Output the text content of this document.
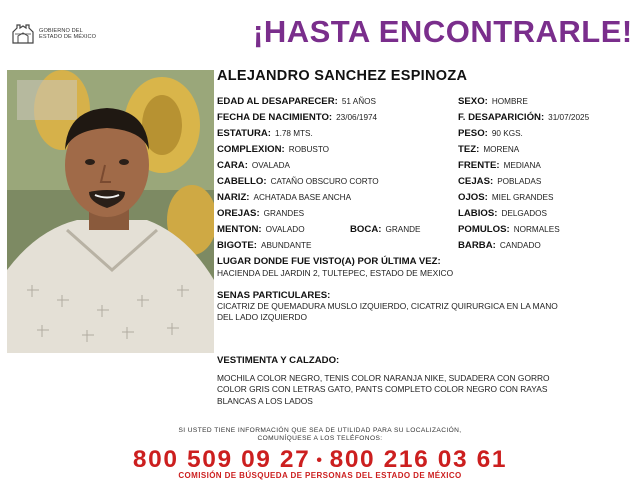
GOBIERNO DEL
ESTADO DE MÉXICO	¡HASTA ENCONTRARLE!
ALEJANDRO SANCHEZ ESPINOZA
EDAD AL DESAPARECER: 51 AÑOS	SEXO: HOMBRE
FECHA DE NACIMIENTO: 23/06/1974	F. DESAPARICIÓN: 31/07/2025
ESTATURA: 1.78 MTS.	PESO: 90 KGS.
COMPLEXION: ROBUSTO	TEZ: MORENA
CARA: OVALADA	FRENTE: MEDIANA
CABELLO: CATAÑO OBSCURO CORTO	CEJAS: POBLADAS
NARIZ: ACHATADA BASE ANCHA	OJOS: MIEL GRANDES
OREJAS: GRANDES	LABIOS: DELGADOS
MENTON: OVALADO	BOCA: GRANDE	POMULOS: NORMALES
BIGOTE: ABUNDANTE	BARBA: CANDADO
LUGAR DONDE FUE VISTO(A) POR ÚLTIMA VEZ:
HACIENDA DEL JARDIN 2, TULTEPEC, ESTADO DE MEXICO
SENAS PARTICULARES:
CICATRIZ DE QUEMADURA MUSLO IZQUIERDO, CICATRIZ QUIRURGICA EN LA MANO
DEL LADO IZQUIERDO
VESTIMENTA Y CALZADO:
MOCHILA COLOR NEGRO, TENIS COLOR NARANJA NIKE, SUDADERA CON GORRO
COLOR GRIS CON LETRAS GATO, PANTS COMPLETO COLOR NEGRO CON RAYAS
BLANCAS A LOS LADOS
SI USTED TIENE INFORMACIÓN QUE SEA DE UTILIDAD PARA SU LOCALIZACIÓN,
COMUNÍQUESE A LOS TELÉFONOS:
800 509 09 27 • 800 216 03 61
COMISIÓN DE BÚSQUEDA DE PERSONAS DEL ESTADO DE MÉXICO
